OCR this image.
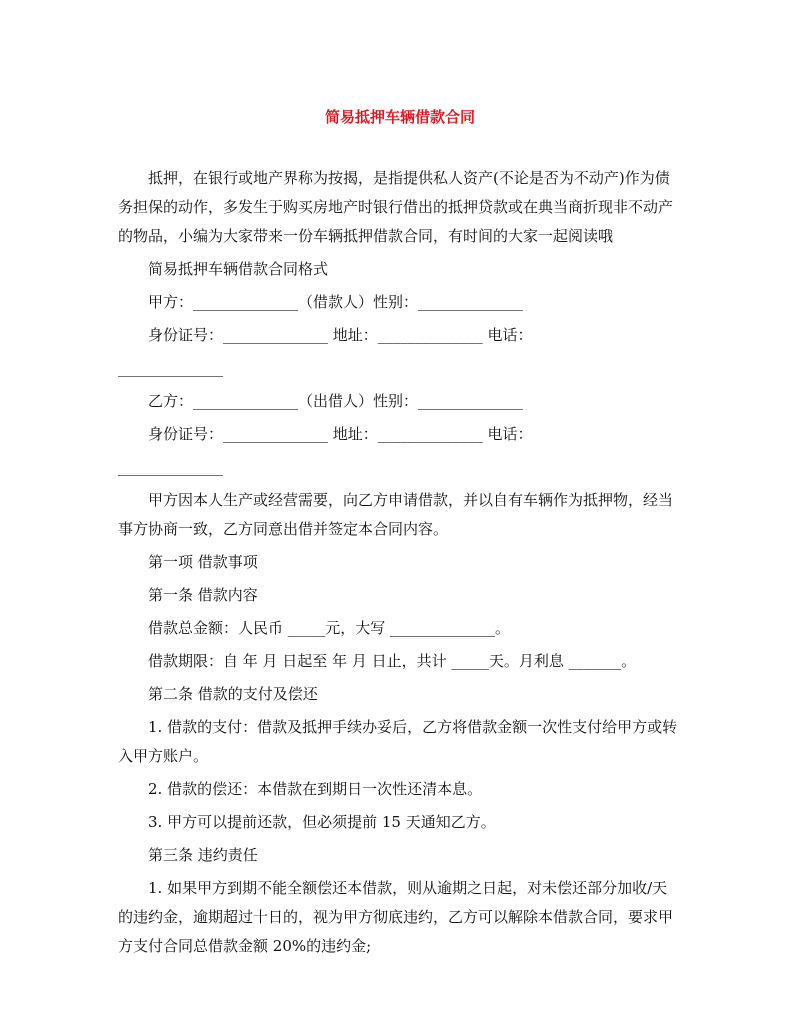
简易抵押车辆借款合同

抵押，在银行或地产界称为按揭，是指提供私人资产(不论是否为不动产)作为债务担保的动作，多发生于购买房地产时银行借出的抵押贷款或在典当商折现非不动产的物品，小编为大家带来一份车辆抵押借款合同，有时间的大家一起阅读哦

简易抵押车辆借款合同格式

甲方：______________（借款人）性别：______________

身份证号：______________ 地址：______________ 电话：

______________

乙方：______________（出借人）性别：______________

身份证号：______________ 地址：______________ 电话：

______________

甲方因本人生产或经营需要，向乙方申请借款，并以自有车辆作为抵押物，经当事方协商一致，乙方同意出借并签定本合同内容。

第一项 借款事项

第一条 借款内容

借款总金额：人民币 _____元，大写 ______________。

借款期限：自 年 月 日起至 年 月 日止，共计 _____天。月利息 _______。

第二条 借款的支付及偿还

1. 借款的支付：借款及抵押手续办妥后，乙方将借款金额一次性支付给甲方或转入甲方账户。

2. 借款的偿还：本借款在到期日一次性还清本息。

3. 甲方可以提前还款，但必须提前 15 天通知乙方。

第三条 违约责任

1. 如果甲方到期不能全额偿还本借款，则从逾期之日起，对未偿还部分加收/天 的违约金，逾期超过十日的，视为甲方彻底违约，乙方可以解除本借款合同，要求甲方支付合同总借款金额 20%的违约金;
